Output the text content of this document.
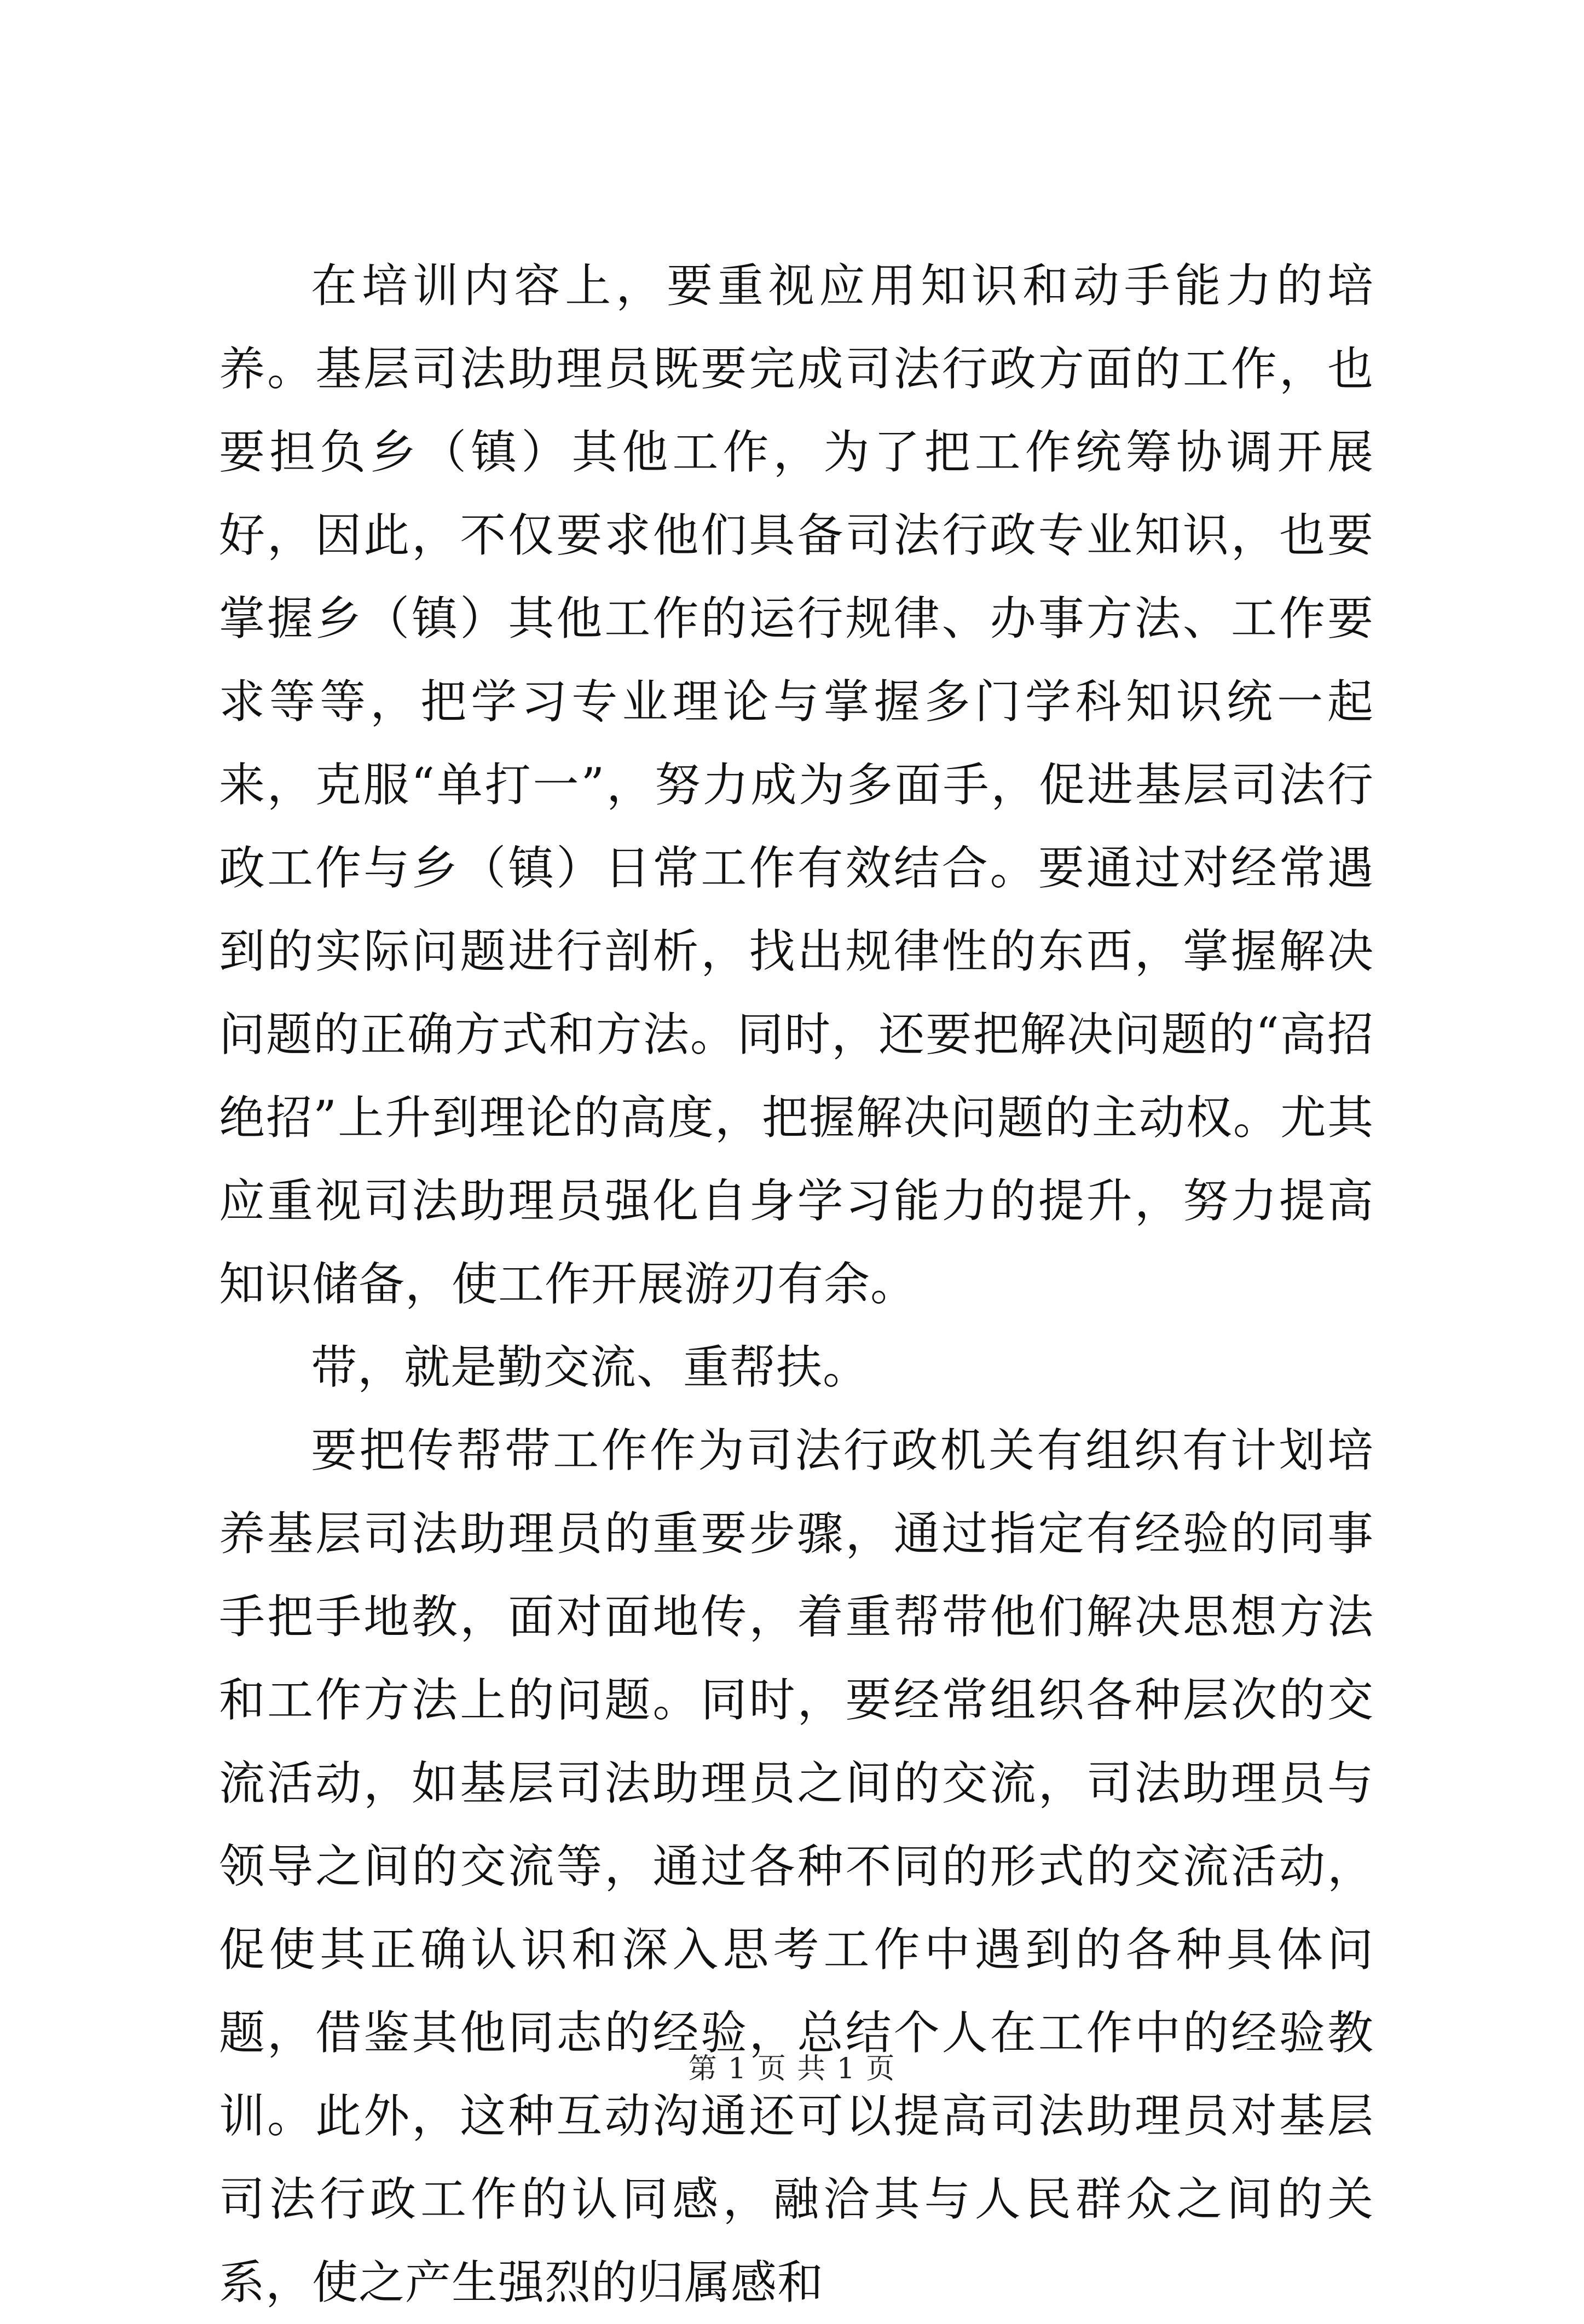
在培训内容上，要重视应用知识和动手能力的培养。基层司法助理员既要完成司法行政方面的工作，也要担负乡（镇）其他工作，为了把工作统筹协调开展好，因此，不仅要求他们具备司法行政专业知识，也要掌握乡（镇）其他工作的运行规律、办事方法、工作要求等等，把学习专业理论与掌握多门学科知识统一起来，克服“单打一”，努力成为多面手，促进基层司法行政工作与乡（镇）日常工作有效结合。要通过对经常遇到的实际问题进行剖析，找出规律性的东西，掌握解决问题的正确方式和方法。同时，还要把解决问题的“高招绝招”上升到理论的高度，把握解决问题的主动权。尤其应重视司法助理员强化自身学习能力的提升，努力提高知识储备，使工作开展游刃有余。

带，就是勤交流、重帮扶。

要把传帮带工作作为司法行政机关有组织有计划培养基层司法助理员的重要步骤，通过指定有经验的同事手把手地教，面对面地传，着重帮带他们解决思想方法和工作方法上的问题。同时，要经常组织各种层次的交流活动，如基层司法助理员之间的交流，司法助理员与领导之间的交流等，通过各种不同的形式的交流活动，促使其正确认识和深入思考工作中遇到的各种具体问题，借鉴其他同志的经验，总结个人在工作中的经验教训。此外，这种互动沟通还可以提高司法助理员对基层司法行政工作的认同感，融洽其与人民群众之间的关系，使之产生强烈的归属感和

第 1 页 共 1 页
